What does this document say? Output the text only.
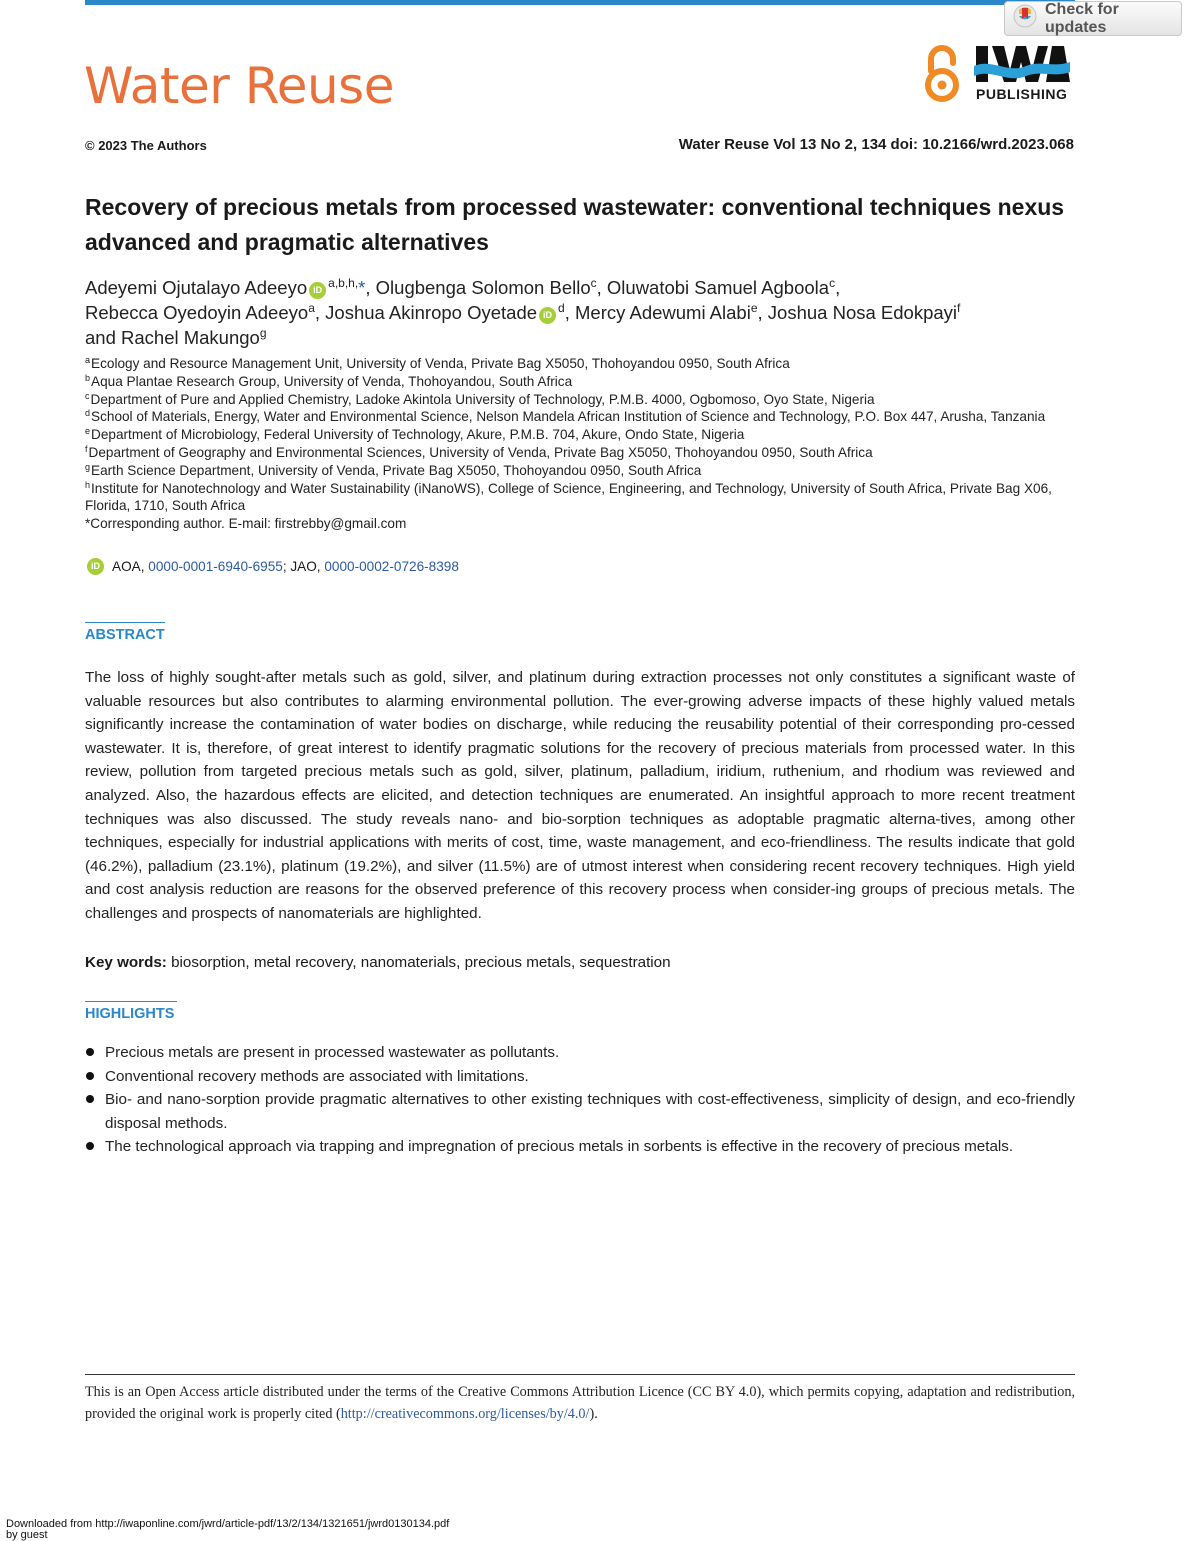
Water Reuse
Check for updates
PUBLISHING
© 2023 The Authors	Water Reuse Vol 13 No 2, 134 doi: 10.2166/wrd.2023.068
Recovery of precious metals from processed wastewater: conventional techniques nexus advanced and pragmatic alternatives
Adeyemi Ojutalayo Adeeyo iD $^{a,b,h,}$*, Olugbenga Solomon Bello$^c$, Oluwatobi Samuel Agboola$^c$,
Rebecca Oyedoyin Adeeyo$^a$, Joshua Akinropo Oyetade iD $^d$, Mercy Adewumi Alabi$^e$, Joshua Nosa Edokpayi$^f$
and Rachel Makungo$^g$
$^a$Ecology and Resource Management Unit, University of Venda, Private Bag X5050, Thohoyandou 0950, South Africa
$^b$Aqua Plantae Research Group, University of Venda, Thohoyandou, South Africa
$^c$Department of Pure and Applied Chemistry, Ladoke Akintola University of Technology, P.M.B. 4000, Ogbomoso, Oyo State, Nigeria
$^d$School of Materials, Energy, Water and Environmental Science, Nelson Mandela African Institution of Science and Technology, P.O. Box 447, Arusha, Tanzania
$^e$Department of Microbiology, Federal University of Technology, Akure, P.M.B. 704, Akure, Ondo State, Nigeria
$^f$Department of Geography and Environmental Sciences, University of Venda, Private Bag X5050, Thohoyandou 0950, South Africa
$^g$Earth Science Department, University of Venda, Private Bag X5050, Thohoyandou 0950, South Africa
$^h$Institute for Nanotechnology and Water Sustainability (iNanoWS), College of Science, Engineering, and Technology, University of South Africa, Private Bag X06, Florida, 1710, South Africa
*Corresponding author. E-mail: firstrebby@gmail.com
iD AOA, 0000-0001-6940-6955; JAO, 0000-0002-0726-8398
ABSTRACT

The loss of highly sought-after metals such as gold, silver, and platinum during extraction processes not only constitutes a significant waste of valuable resources but also contributes to alarming environmental pollution. The ever-growing adverse impacts of these highly valued metals significantly increase the contamination of water bodies on discharge, while reducing the reusability potential of their corresponding pro-cessed wastewater. It is, therefore, of great interest to identify pragmatic solutions for the recovery of precious materials from processed water. In this review, pollution from targeted precious metals such as gold, silver, platinum, palladium, iridium, ruthenium, and rhodium was reviewed and analyzed. Also, the hazardous effects are elicited, and detection techniques are enumerated. An insightful approach to more recent treatment techniques was also discussed. The study reveals nano- and bio-sorption techniques as adoptable pragmatic alterna-tives, among other techniques, especially for industrial applications with merits of cost, time, waste management, and eco-friendliness. The results indicate that gold (46.2%), palladium (23.1%), platinum (19.2%), and silver (11.5%) are of utmost interest when considering recent recovery techniques. High yield and cost analysis reduction are reasons for the observed preference of this recovery process when consider-ing groups of precious metals. The challenges and prospects of nanomaterials are highlighted.

Key words: biosorption, metal recovery, nanomaterials, precious metals, sequestration
HIGHLIGHTS
Precious metals are present in processed wastewater as pollutants.
Conventional recovery methods are associated with limitations.
Bio- and nano-sorption provide pragmatic alternatives to other existing techniques with cost-effectiveness, simplicity of design, and eco-friendly disposal methods.
The technological approach via trapping and impregnation of precious metals in sorbents is effective in the recovery of precious metals.

This is an Open Access article distributed under the terms of the Creative Commons Attribution Licence (CC BY 4.0), which permits copying, adaptation and redistribution, provided the original work is properly cited (http://creativecommons.org/licenses/by/4.0/).

Downloaded from http://iwaponline.com/jwrd/article-pdf/13/2/134/1321651/jwrd0130134.pdf
by guest
